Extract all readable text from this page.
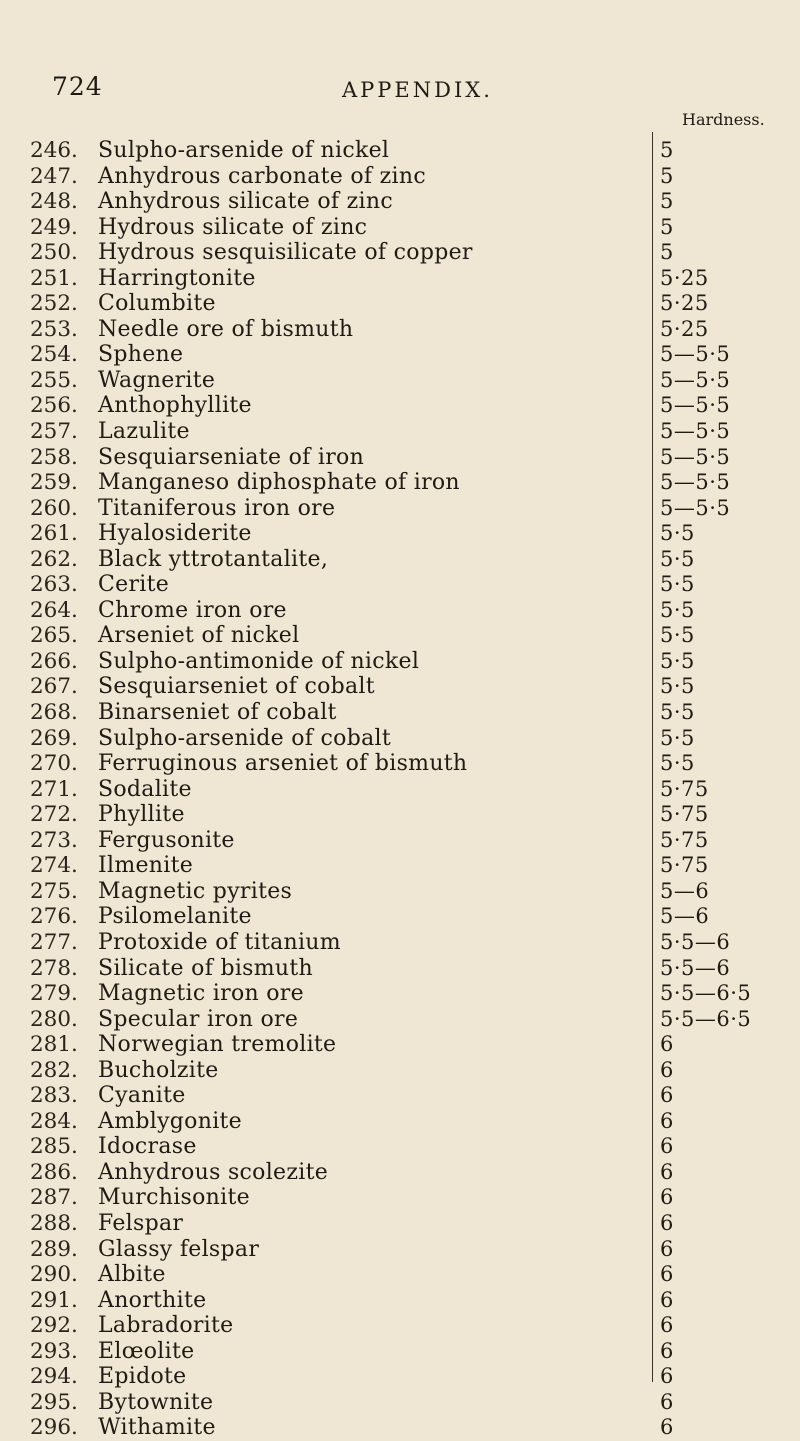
724	APPENDIX.
Hardness.
246. Sulpho-arsenide of nickel	5
247. Anhydrous carbonate of zinc	5
248. Anhydrous silicate of zinc	5
249. Hydrous silicate of zinc	5
250. Hydrous sesquisilicate of copper	5
251. Harringtonite	5·25
252. Columbite	5·25
253. Needle ore of bismuth	5·25
254. Sphene	5—5·5
255. Wagnerite	5—5·5
256. Anthophyllite	5—5·5
257. Lazulite	5—5·5
258. Sesquiarseniate of iron	5—5·5
259. Manganeso diphosphate of iron	5—5·5
260. Titaniferous iron ore	5—5·5
261. Hyalosiderite	5·5
262. Black yttrotantalite,	5·5
263. Cerite	5·5
264. Chrome iron ore	5·5
265. Arseniet of nickel	5·5
266. Sulpho-antimonide of nickel	5·5
267. Sesquiarseniet of cobalt	5·5
268. Binarseniet of cobalt	5·5
269. Sulpho-arsenide of cobalt	5·5
270. Ferruginous arseniet of bismuth	5·5
271. Sodalite	5·75
272. Phyllite	5·75
273. Fergusonite	5·75
274. Ilmenite	5·75
275. Magnetic pyrites	5—6
276. Psilomelanite	5—6
277. Protoxide of titanium	5·5—6
278. Silicate of bismuth	5·5—6
279. Magnetic iron ore	5·5—6·5
280. Specular iron ore	5·5—6·5
281. Norwegian tremolite	6
282. Bucholzite	6
283. Cyanite	6
284. Amblygonite	6
285. Idocrase	6
286. Anhydrous scolezite	6
287. Murchisonite	6
288. Felspar	6
289. Glassy felspar	6
290. Albite	6
291. Anorthite	6
292. Labradorite	6
293. Elœolite	6
294. Epidote	6
295. Bytownite	6
296. Withamite	6
